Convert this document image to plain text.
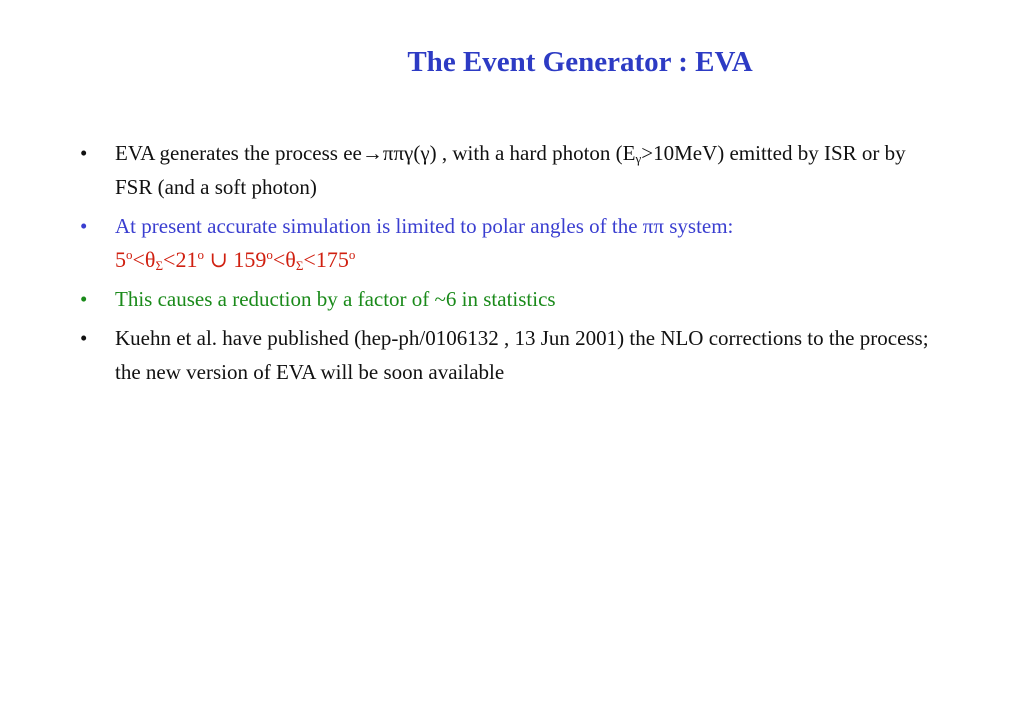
The Event Generator : EVA
• EVA generates the process ee→ππγ(γ) , with a hard photon $(E_\gamma>10MeV)$ emitted by ISR or by FSR (and a soft photon)
• At present accurate simulation is limited to polar angles of the ππ system:
$5^o<\theta_\Sigma<21^o$ ∪ $159^o<\theta_\Sigma<175^o$
• This causes a reduction by a factor of ~6 in statistics
• Kuehn et al. have published (hep-ph/0106132 , 13 Jun 2001) the NLO corrections to the process; the new version of EVA will be soon available
